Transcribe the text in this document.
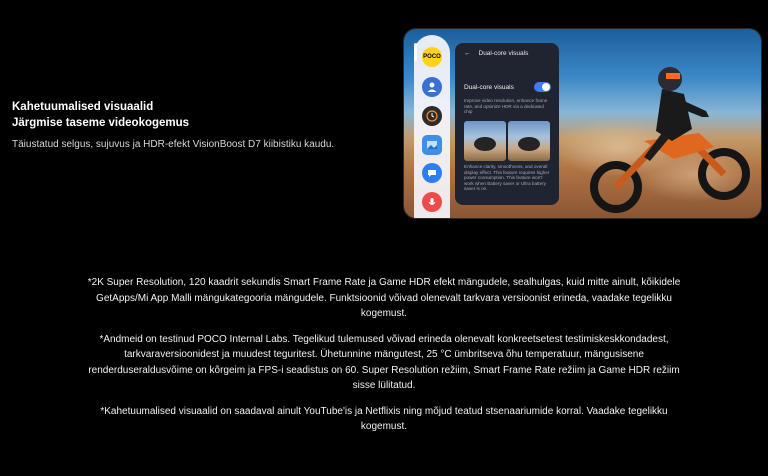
Kahetuumalised visuaalid
Järgmise taseme videokogemus
Täiustatud selgus, sujuvus ja HDR-efekt VisionBoost D7 kiibistiku kaudu.
POCO	← Dual-core visuals
Dual-core visuals
Improve video resolution, enhance frame rate, and optimize HDR via a dedicated chip
Enhance clarity, smoothness, and overall display effect. This feature requires higher power consumption. This feature won't work when Battery saver or Ultra battery saver is on.

*2K Super Resolution, 120 kaadrit sekundis Smart Frame Rate ja Game HDR efekt mängudele, sealhulgas, kuid mitte ainult, kõikidele GetApps/Mi App Malli mängukategooria mängudele. Funktsioonid võivad olenevalt tarkvara versioonist erineda, vaadake tegelikku kogemust.

*Andmeid on testinud POCO Internal Labs. Tegelikud tulemused võivad erineda olenevalt konkreetsetest testimiskeskkondadest, tarkvaraversioonidest ja muudest teguritest. Ühetunnine mängutest, 25 °C ümbritseva õhu temperatuur, mängusisene renderduseraldusvõime on kõrgeim ja FPS-i seadistus on 60. Super Resolution režiim, Smart Frame Rate režiim ja Game HDR režiim sisse lülitatud.

*Kahetuumalised visuaalid on saadaval ainult YouTube'is ja Netflixis ning mõjud teatud stsenaariumide korral. Vaadake tegelikku kogemust.
